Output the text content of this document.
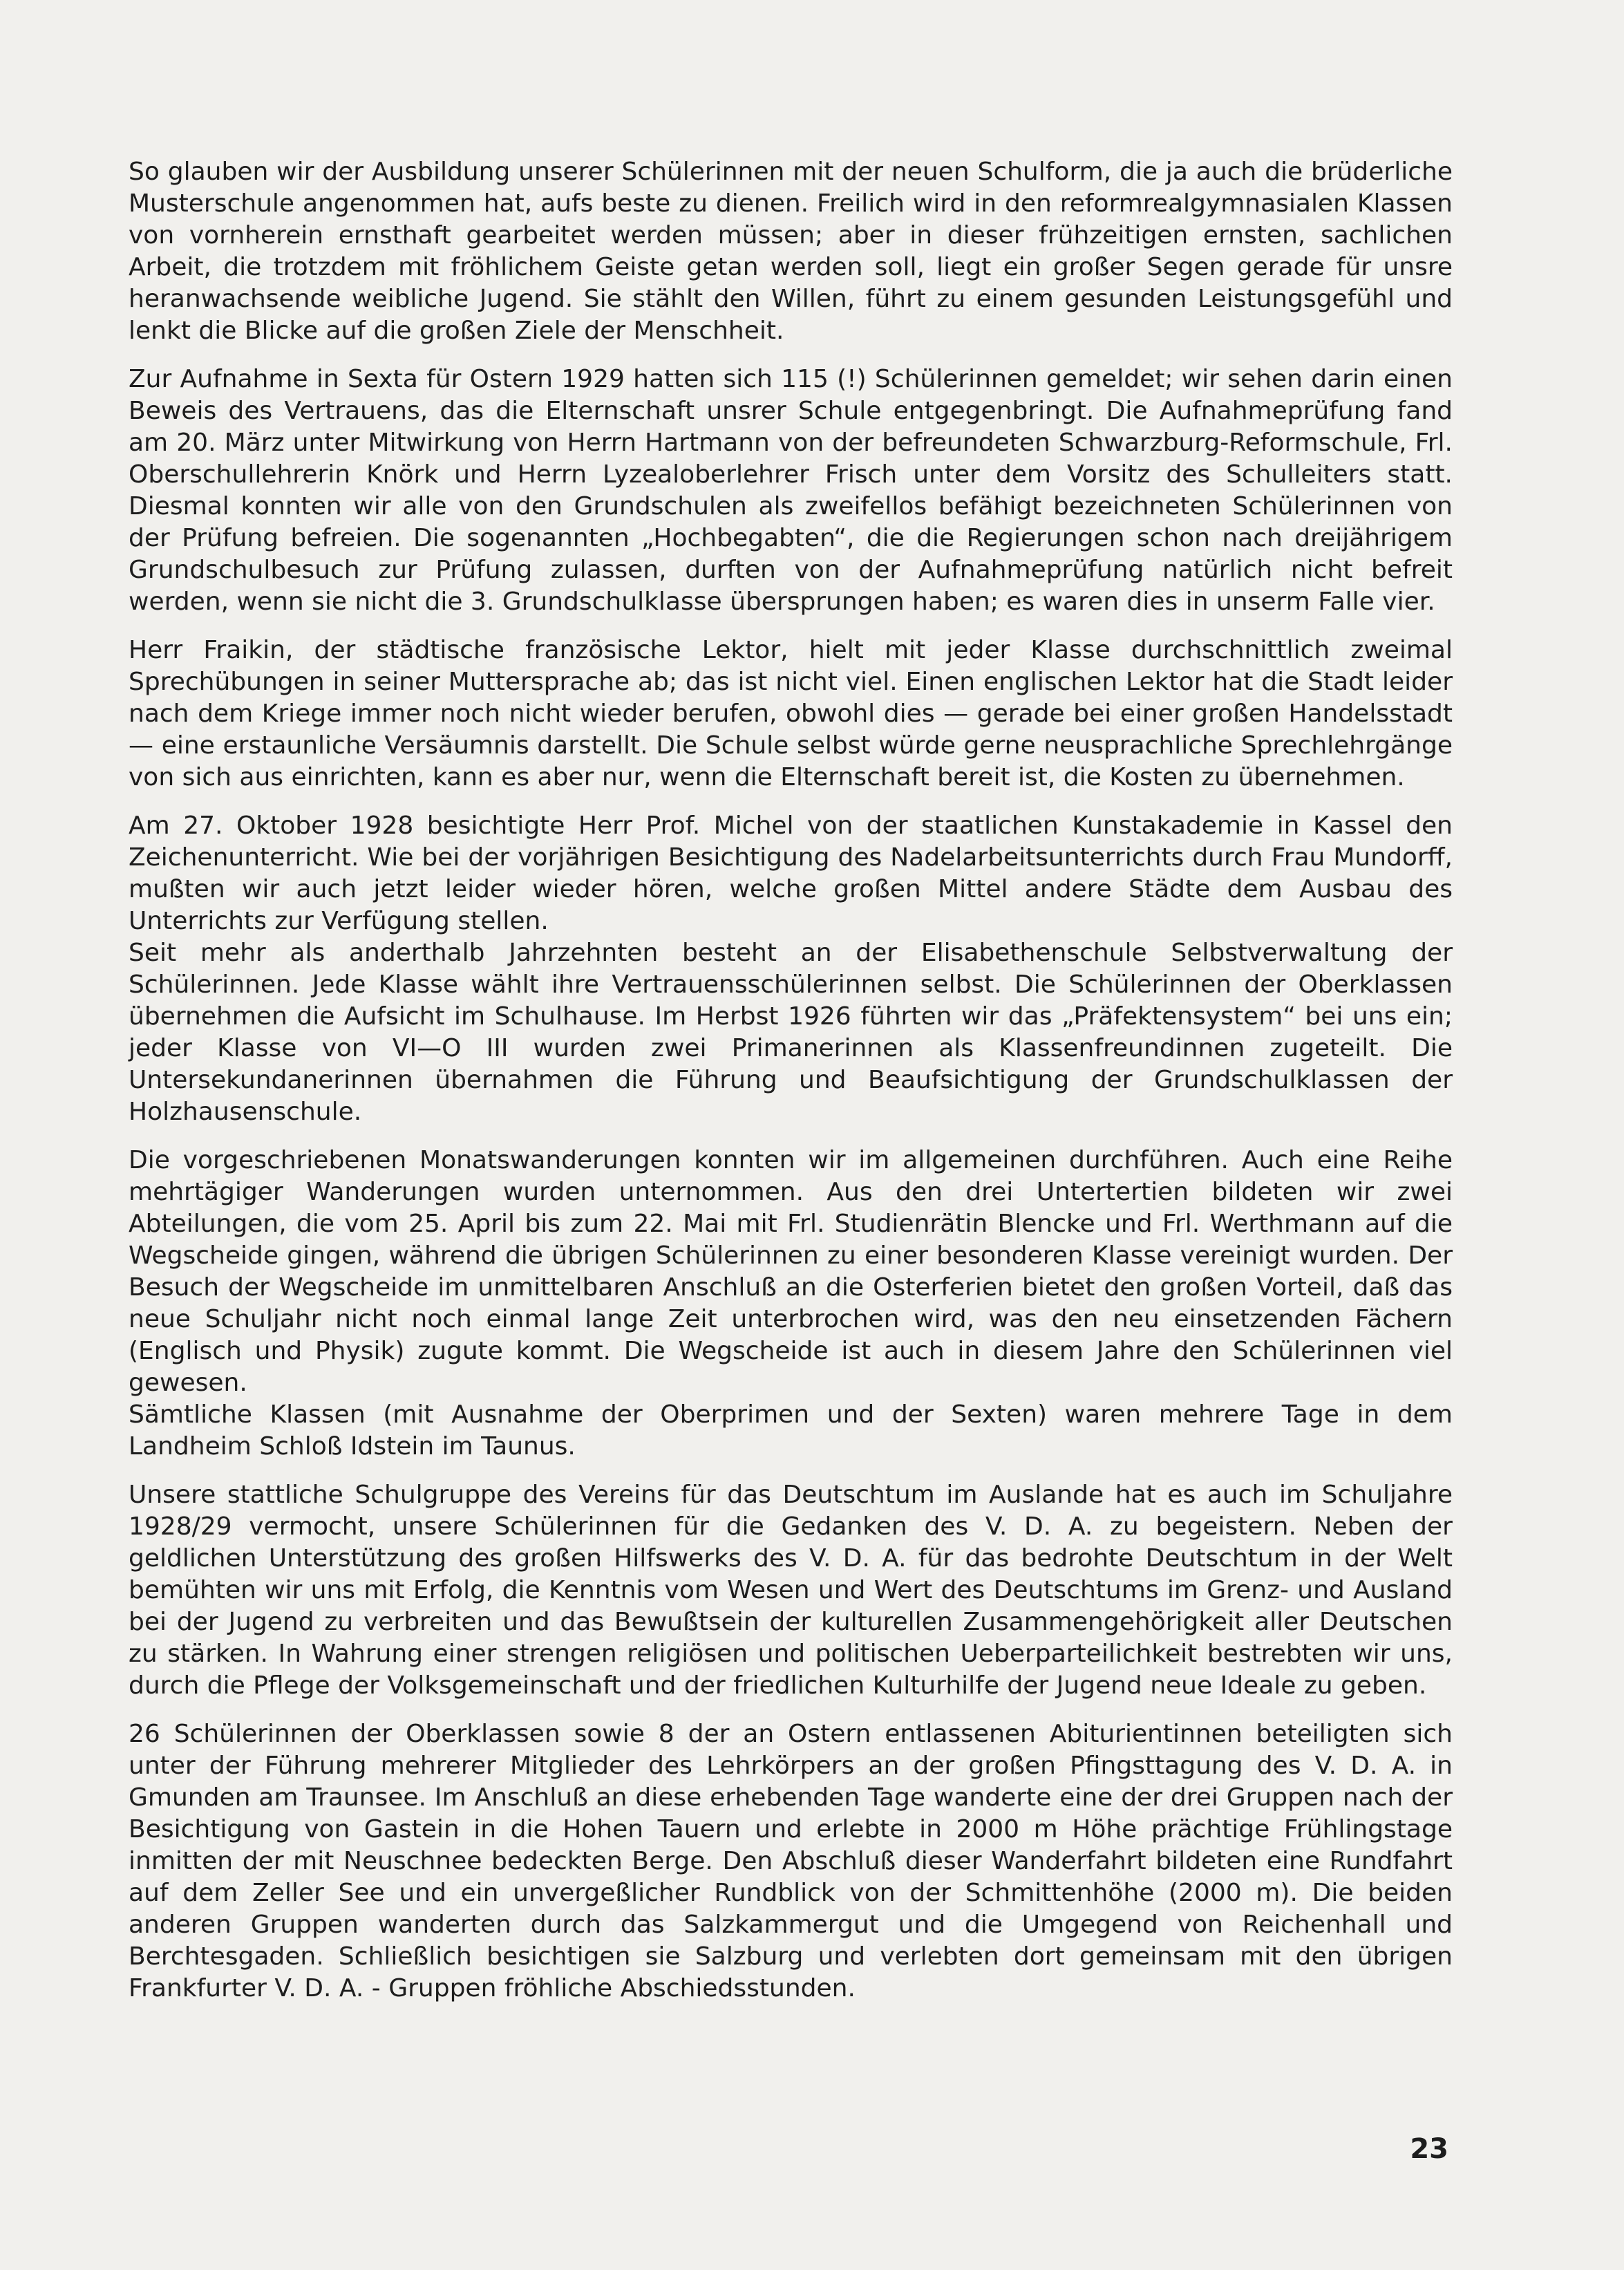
So glauben wir der Ausbildung unserer Schülerinnen mit der neuen Schulform, die ja auch die brüderliche Musterschule angenommen hat, aufs beste zu dienen. Freilich wird in den reformrealgymnasialen Klassen von vornherein ernsthaft gearbeitet werden müssen; aber in dieser frühzeitigen ernsten, sachlichen Arbeit, die trotzdem mit fröhlichem Geiste getan werden soll, liegt ein großer Segen gerade für unsre heranwachsende weibliche Jugend. Sie stählt den Willen, führt zu einem gesunden Leistungsgefühl und lenkt die Blicke auf die großen Ziele der Menschheit.

Zur Aufnahme in Sexta für Ostern 1929 hatten sich 115 (!) Schülerinnen gemeldet; wir sehen darin einen Beweis des Vertrauens, das die Elternschaft unsrer Schule entgegenbringt. Die Aufnahmeprüfung fand am 20. März unter Mitwirkung von Herrn Hartmann von der befreundeten Schwarzburg-Reformschule, Frl. Oberschullehrerin Knörk und Herrn Lyzealoberlehrer Frisch unter dem Vorsitz des Schulleiters statt. Diesmal konnten wir alle von den Grundschulen als zweifellos befähigt bezeichneten Schülerinnen von der Prüfung befreien. Die sogenannten „Hochbegabten“, die die Regierungen schon nach dreijährigem Grundschulbesuch zur Prüfung zulassen, durften von der Aufnahmeprüfung natürlich nicht befreit werden, wenn sie nicht die 3. Grundschulklasse übersprungen haben; es waren dies in unserm Falle vier.

Herr Fraikin, der städtische französische Lektor, hielt mit jeder Klasse durchschnittlich zweimal Sprechübungen in seiner Muttersprache ab; das ist nicht viel. Einen englischen Lektor hat die Stadt leider nach dem Kriege immer noch nicht wieder berufen, obwohl dies — gerade bei einer großen Handelsstadt — eine erstaunliche Versäumnis darstellt. Die Schule selbst würde gerne neusprachliche Sprechlehrgänge von sich aus einrichten, kann es aber nur, wenn die Elternschaft bereit ist, die Kosten zu übernehmen.

Am 27. Oktober 1928 besichtigte Herr Prof. Michel von der staatlichen Kunstakademie in Kassel den Zeichenunterricht. Wie bei der vorjährigen Besichtigung des Nadelarbeitsunterrichts durch Frau Mundorff, mußten wir auch jetzt leider wieder hören, welche großen Mittel andere Städte dem Ausbau des Unterrichts zur Verfügung stellen.

Seit mehr als anderthalb Jahrzehnten besteht an der Elisabethenschule Selbstverwaltung der Schülerinnen. Jede Klasse wählt ihre Vertrauensschülerinnen selbst. Die Schülerinnen der Oberklassen übernehmen die Aufsicht im Schulhause. Im Herbst 1926 führten wir das „Präfektensystem“ bei uns ein; jeder Klasse von VI—O III wurden zwei Primanerinnen als Klassenfreundinnen zugeteilt. Die Untersekundanerinnen übernahmen die Führung und Beaufsichtigung der Grundschulklassen der Holzhausenschule.

Die vorgeschriebenen Monatswanderungen konnten wir im allgemeinen durchführen. Auch eine Reihe mehrtägiger Wanderungen wurden unternommen. Aus den drei Untertertien bildeten wir zwei Abteilungen, die vom 25. April bis zum 22. Mai mit Frl. Studienrätin Blencke und Frl. Werthmann auf die Wegscheide gingen, während die übrigen Schülerinnen zu einer besonderen Klasse vereinigt wurden. Der Besuch der Wegscheide im unmittelbaren Anschluß an die Osterferien bietet den großen Vorteil, daß das neue Schuljahr nicht noch einmal lange Zeit unterbrochen wird, was den neu einsetzenden Fächern (Englisch und Physik) zugute kommt. Die Wegscheide ist auch in diesem Jahre den Schülerinnen viel gewesen.

Sämtliche Klassen (mit Ausnahme der Oberprimen und der Sexten) waren mehrere Tage in dem Landheim Schloß Idstein im Taunus.

Unsere stattliche Schulgruppe des Vereins für das Deutschtum im Auslande hat es auch im Schuljahre 1928/29 vermocht, unsere Schülerinnen für die Gedanken des V. D. A. zu begeistern. Neben der geldlichen Unterstützung des großen Hilfswerks des V. D. A. für das bedrohte Deutschtum in der Welt bemühten wir uns mit Erfolg, die Kenntnis vom Wesen und Wert des Deutschtums im Grenz- und Ausland bei der Jugend zu verbreiten und das Bewußtsein der kulturellen Zusammengehörigkeit aller Deutschen zu stärken. In Wahrung einer strengen religiösen und politischen Ueberparteilichkeit bestrebten wir uns, durch die Pflege der Volksgemeinschaft und der friedlichen Kulturhilfe der Jugend neue Ideale zu geben.

26 Schülerinnen der Oberklassen sowie 8 der an Ostern entlassenen Abiturientinnen beteiligten sich unter der Führung mehrerer Mitglieder des Lehrkörpers an der großen Pfingsttagung des V. D. A. in Gmunden am Traunsee. Im Anschluß an diese erhebenden Tage wanderte eine der drei Gruppen nach der Besichtigung von Gastein in die Hohen Tauern und erlebte in 2000 m Höhe prächtige Frühlingstage inmitten der mit Neuschnee bedeckten Berge. Den Abschluß dieser Wanderfahrt bildeten eine Rundfahrt auf dem Zeller See und ein unvergeßlicher Rundblick von der Schmittenhöhe (2000 m). Die beiden anderen Gruppen wanderten durch das Salzkammergut und die Umgegend von Reichenhall und Berchtesgaden. Schließlich besichtigen sie Salzburg und verlebten dort gemeinsam mit den übrigen Frankfurter V. D. A. - Gruppen fröhliche Abschiedsstunden.

23
